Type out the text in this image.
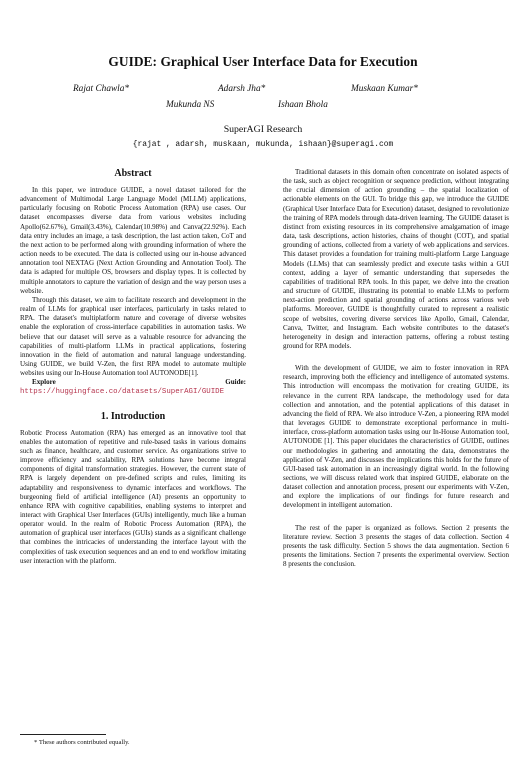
GUIDE: Graphical User Interface Data for Execution
Rajat Chawla*	Adarsh Jha*	Muskaan Kumar*
Mukunda NS	Ishaan Bhola
SuperAGI Research
{rajat , adarsh, muskaan, mukunda, ishaan}@superagi.com
Abstract

In this paper, we introduce GUIDE, a novel dataset tailored for the advancement of Multimodal Large Language Model (MLLM) applications, particularly focusing on Robotic Process Automation (RPA) use cases. Our dataset encompasses diverse data from various websites including Apollo(62.67%), Gmail(3.43%), Calendar(10.98%) and Canva(22.92%). Each data entry includes an image, a task description, the last action taken, CoT and the next action to be performed along with grounding information of where the action needs to be executed. The data is collected using our in-house advanced annotation tool NEXTAG (Next Action Grounding and Annotation Tool). The data is adapted for multiple OS, browsers and display types. It is collected by multiple annotators to capture the variation of design and the way person uses a website.

Through this dataset, we aim to facilitate research and development in the realm of LLMs for graphical user interfaces, particularly in tasks related to RPA. The dataset's multiplatform nature and coverage of diverse websites enable the exploration of cross-interface capabilities in automation tasks. We believe that our dataset will serve as a valuable resource for advancing the capabilities of multi-platform LLMs in practical applications, fostering innovation in the field of automation and natural language understanding. Using GUIDE, we build V-Zen, the first RPA model to automate multiple websites using our In-House Automation tool AUTONODE[1].

Explore Guide: https://huggingface.co/datasets/SuperAGI/GUIDE

1. Introduction

Robotic Process Automation (RPA) has emerged as an innovative tool that enables the automation of repetitive and rule-based tasks in various domains such as finance, healthcare, and customer service. As organizations strive to improve efficiency and scalability, RPA solutions have become integral components of digital transformation strategies. However, the current state of RPA is largely dependent on pre-defined scripts and rules, limiting its adaptability and responsiveness to dynamic interfaces and workflows. The burgeoning field of artificial intelligence (AI) presents an opportunity to enhance RPA with cognitive capabilities, enabling systems to interpret and interact with Graphical User Interfaces (GUIs) intelligently, much like a human operator would. In the realm of Robotic Process Automation (RPA), the automation of graphical user interfaces (GUIs) stands as a significant challenge that combines the intricacies of understanding the interface layout with the complexities of task execution sequences and an end to end workflow imitating user interaction with the platform.

Traditional datasets in this domain often concentrate on isolated aspects of the task, such as object recognition or sequence prediction, without integrating the crucial dimension of action grounding – the spatial localization of actionable elements on the GUI. To bridge this gap, we introduce the GUIDE (Graphical User Interface Data for Execution) dataset, designed to revolutionize the training of RPA models through data-driven learning. The GUIDE dataset is distinct from existing resources in its comprehensive amalgamation of image data, task descriptions, action histories, chains of thought (COT), and spatial grounding of actions, collected from a variety of web applications and services. This dataset provides a foundation for training multi-platform Large Language Models (LLMs) that can seamlessly predict and execute tasks within a GUI context, adding a layer of semantic understanding that supersedes the capabilities of traditional RPA tools. In this paper, we delve into the creation and structure of GUIDE, illustrating its potential to enable LLMs to perform next-action prediction and spatial grounding of actions across various web platforms. Moreover, GUIDE is thoughtfully curated to represent a realistic scope of websites, covering diverse services like Apollo, Gmail, Calendar, Canva, Twitter, and Instagram. Each website contributes to the dataset's heterogeneity in design and interaction patterns, offering a robust testing ground for RPA models.

With the development of GUIDE, we aim to foster innovation in RPA research, improving both the efficiency and intelligence of automated systems. This introduction will encompass the motivation for creating GUIDE, its relevance in the current RPA landscape, the methodology used for data collection and annotation, and the potential applications of this dataset in advancing the field of RPA. We also introduce V-Zen, a pioneering RPA model that leverages GUIDE to demonstrate exceptional performance in multi-interface, cross-platform automation tasks using our In-House Automation tool, AUTONODE [1]. This paper elucidates the characteristics of GUIDE, outlines our methodologies in gathering and annotating the data, demonstrates the application of V-Zen, and discusses the implications this holds for the future of GUI-based task automation in an increasingly digital world. In the following sections, we will discuss related work that inspired GUIDE, elaborate on the dataset collection and annotation process, present our experiments with V-Zen, and explore the implications of our findings for future research and development in intelligent automation.

The rest of the paper is organized as follows. Section 2 presents the literature review. Section 3 presents the stages of data collection. Section 4 presents the task difficulty. Section 5 shows the data augmentation. Section 6 presents the limitations. Section 7 presents the experimental overview. Section 8 presents the conclusion.

* These authors contributed equally.
